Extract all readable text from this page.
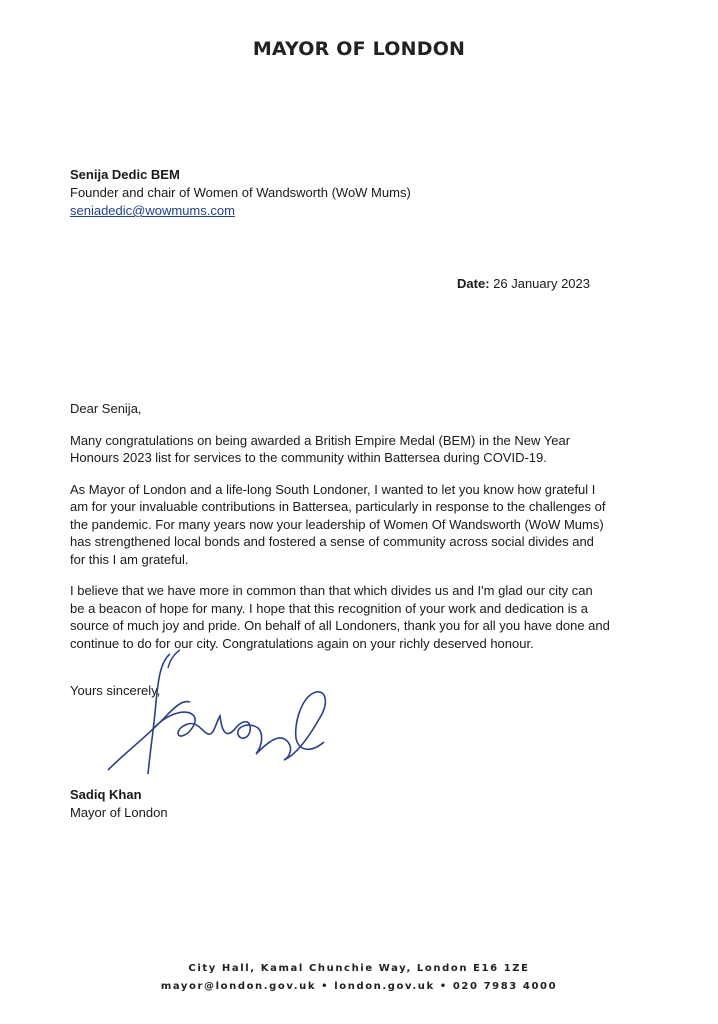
MAYOR OF LONDON
Senija Dedic BEM
Founder and chair of Women of Wandsworth (WoW Mums)
seniadedic@wowmums.com
Date: 26 January 2023

Dear Senija,

Many congratulations on being awarded a British Empire Medal (BEM) in the New Year Honours 2023 list for services to the community within Battersea during COVID-19.

As Mayor of London and a life-long South Londoner, I wanted to let you know how grateful I am for your invaluable contributions in Battersea, particularly in response to the challenges of the pandemic. For many years now your leadership of Women Of Wandsworth (WoW Mums) has strengthened local bonds and fostered a sense of community across social divides and for this I am grateful.

I believe that we have more in common than that which divides us and I'm glad our city can be a beacon of hope for many. I hope that this recognition of your work and dedication is a source of much joy and pride. On behalf of all Londoners, thank you for all you have done and continue to do for our city. Congratulations again on your richly deserved honour.

Yours sincerely,
Sadiq Khan
Mayor of London
City Hall, Kamal Chunchie Way, London E16 1ZE
mayor@london.gov.uk • london.gov.uk • 020 7983 4000
